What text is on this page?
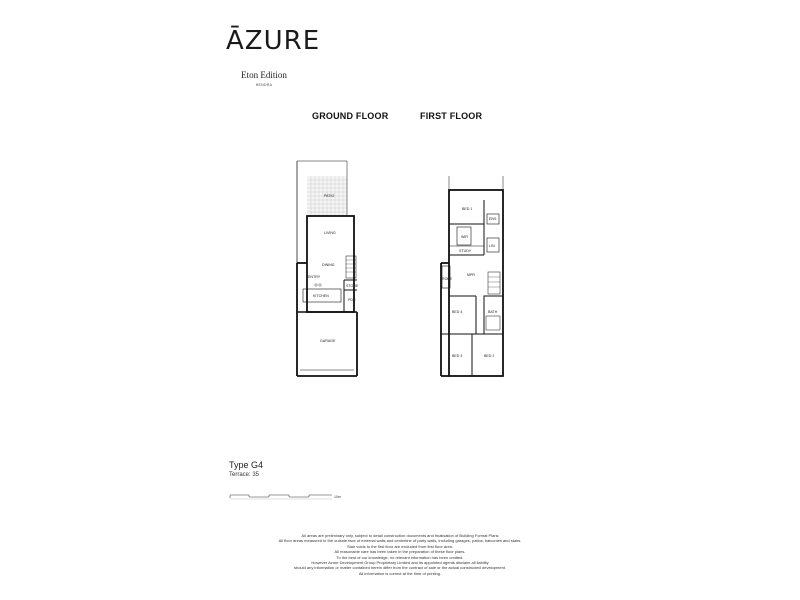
ĀZURE
Eton Edition
HENDRA
GROUND FLOOR	FIRST FLOOR
PATIO
LIVING
DINING
ENTRY
KITCHEN
STORE
PDR
GARAGE
BED 1
ENS
WIR
LIN
STUDY
ROBE
MPR
BATH
BED 4
BED 3	BED 2
Type G4
Terrace: 35
0	10m
All areas are preliminary only, subject to detail construction documents and finalisation of Building Format Plans
All floor areas measured to the outside face of external walls and centreline of party walls, including garages, patios, balconies and stairs.
Stair voids to the first floor are excluded from first floor area.
All reasonable care has been taken in the preparation of these floor plans.
To the best of our knowledge, no relevant information has been omitted.
However Azure Development Group Proprietary Limited and its appointed agents disclaim all liability
should any information or matter contained herein differ from the contract of sale or the actual constructed development.
All information is correct at the time of printing.
